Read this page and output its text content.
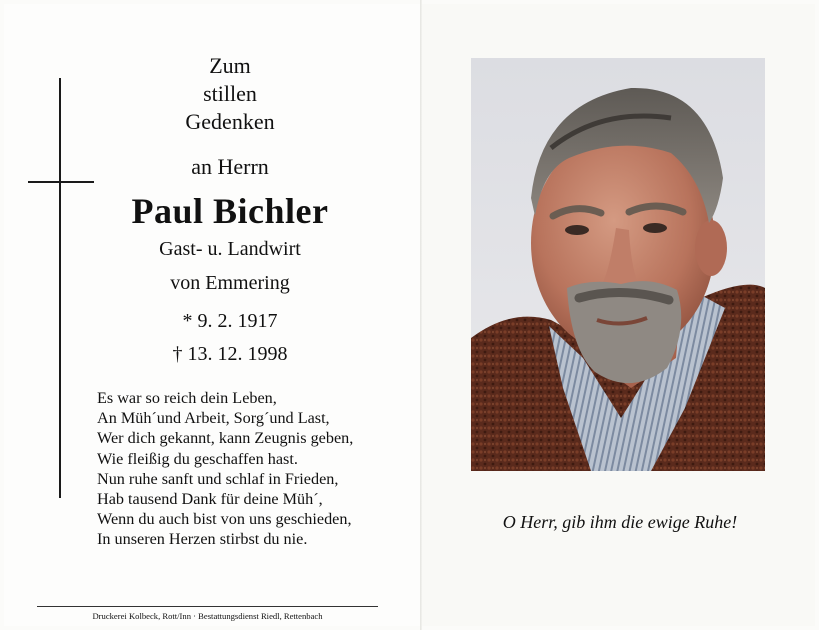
Zum
stillen
Gedenken
an Herrn
Paul Bichler
Gast- u. Landwirt
von Emmering
* 9. 2. 1917
† 13. 12. 1998
Es war so reich dein Leben,
An Müh´und Arbeit, Sorg´und Last,
Wer dich gekannt, kann Zeugnis geben,
Wie fleißig du geschaffen hast.
Nun ruhe sanft und schlaf in Frieden,
Hab tausend Dank für deine Müh´,
Wenn du auch bist von uns geschieden,
In unseren Herzen stirbst du nie.
O Herr, gib ihm die ewige Ruhe!
Druckerei Kolbeck, Rott/Inn · Bestattungsdienst Riedl, Rettenbach
